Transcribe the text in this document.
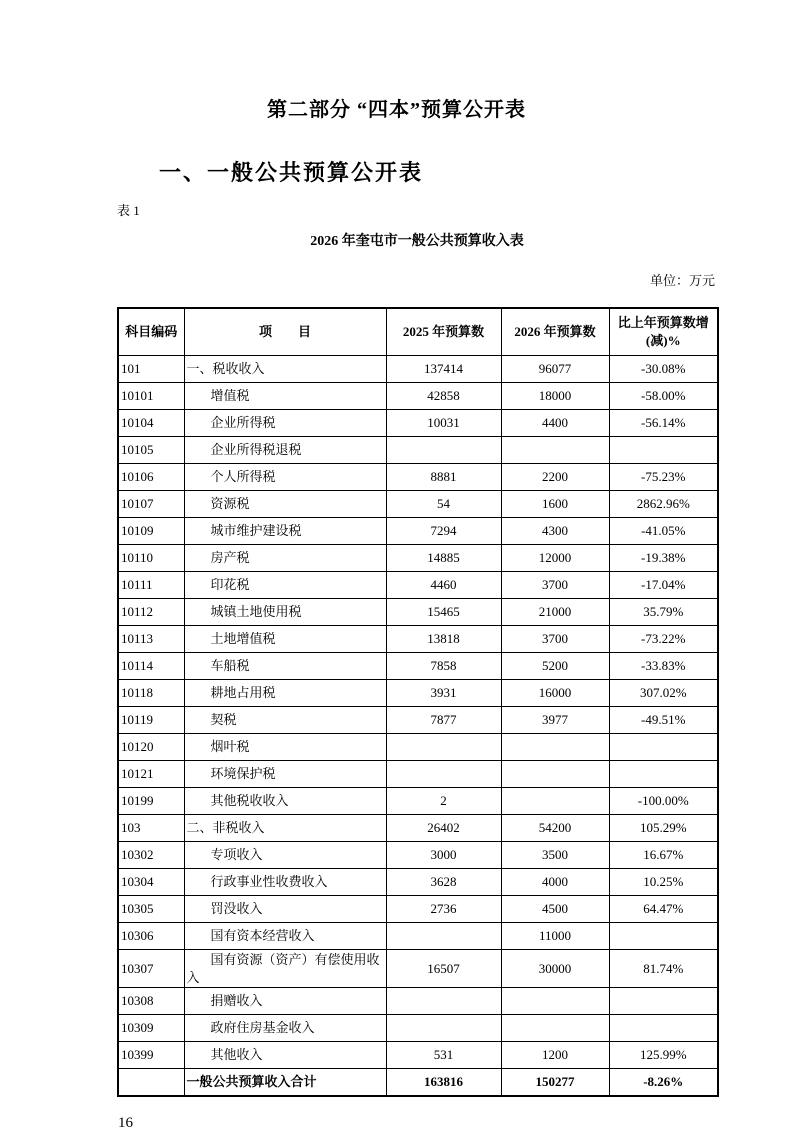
第二部分 “四本”预算公开表
一、一般公共预算公开表
表 1
2026 年奎屯市一般公共预算收入表
单位：万元
科目编码	项　　目	2025 年预算数	2026 年预算数	比上年预算数增
(减)%

101	一、税收收入	137414	96077	-30.08%
10101	增值税	42858	18000	-58.00%
10104	企业所得税	10031	4400	-56.14%
10105	企业所得税退税			
10106	个人所得税	8881	2200	-75.23%
10107	资源税	54	1600	2862.96%
10109	城市维护建设税	7294	4300	-41.05%
10110	房产税	14885	12000	-19.38%
10111	印花税	4460	3700	-17.04%
10112	城镇土地使用税	15465	21000	35.79%
10113	土地增值税	13818	3700	-73.22%
10114	车船税	7858	5200	-33.83%
10118	耕地占用税	3931	16000	307.02%
10119	契税	7877	3977	-49.51%
10120	烟叶税			
10121	环境保护税			
10199	其他税收收入	2		-100.00%
103	二、非税收入	26402	54200	105.29%
10302	专项收入	3000	3500	16.67%
10304	行政事业性收费收入	3628	4000	10.25%
10305	罚没收入	2736	4500	64.47%
10306	国有资本经营收入		11000	
10307	国有资源（资产）有偿使用收入	16507	30000	81.74%
10308	捐赠收入			
10309	政府住房基金收入			
10399	其他收入	531	1200	125.99%
	一般公共预算收入合计	163816	150277	-8.26%
16
